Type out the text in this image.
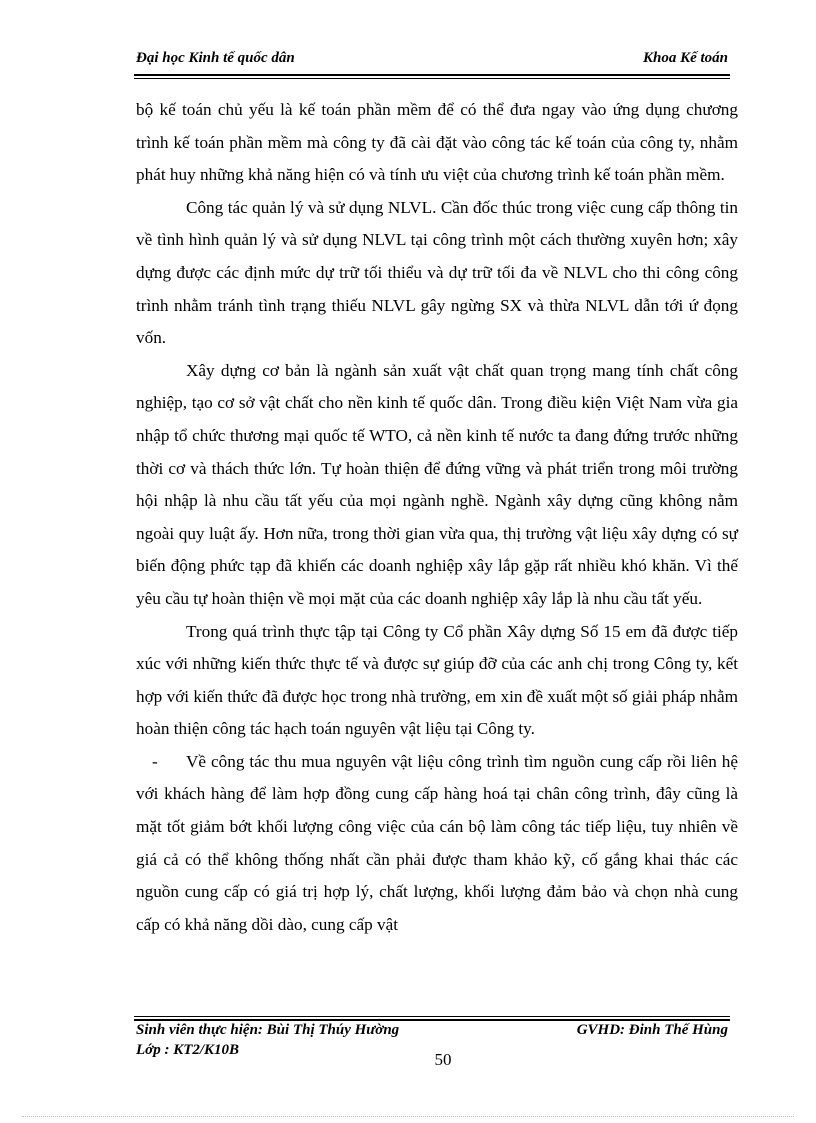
Đại học Kinh tế quốc dân	Khoa Kế toán

bộ kế toán chủ yếu là kế toán phần mềm để có thể đưa ngay vào ứng dụng chương trình kế toán phần mềm mà công ty đã cài đặt vào công tác kế toán của công ty, nhằm phát huy những khả năng hiện có và tính ưu việt của chương trình kế toán phần mềm.

Công tác quản lý và sử dụng NLVL. Cần đốc thúc trong việc cung cấp thông tin về tình hình quản lý và sử dụng NLVL tại công trình một cách thường xuyên hơn; xây dựng được các định mức dự trữ tối thiểu và dự trữ tối đa về NLVL cho thi công công trình nhằm tránh tình trạng thiếu NLVL gây ngừng SX và thừa NLVL dẫn tới ứ đọng vốn.

Xây dựng cơ bản là ngành sản xuất vật chất quan trọng mang tính chất công nghiệp, tạo cơ sở vật chất cho nền kinh tế quốc dân. Trong điều kiện Việt Nam vừa gia nhập tổ chức thương mại quốc tế WTO, cả nền kinh tế nước ta đang đứng trước những thời cơ và thách thức lớn. Tự hoàn thiện để đứng vững và phát triển trong môi trường hội nhập là nhu cầu tất yếu của mọi ngành nghề. Ngành xây dựng cũng không nằm ngoài quy luật ấy. Hơn nữa, trong thời gian vừa qua, thị trường vật liệu xây dựng có sự biến động phức tạp đã khiến các doanh nghiệp xây lắp gặp rất nhiều khó khăn. Vì thế yêu cầu tự hoàn thiện về mọi mặt của các doanh nghiệp xây lắp là nhu cầu tất yếu.

Trong quá trình thực tập tại Công ty Cổ phần Xây dựng Số 15 em đã được tiếp xúc với những kiến thức thực tế và được sự giúp đỡ của các anh chị trong Công ty, kết hợp với kiến thức đã được học trong nhà trường, em xin đề xuất một số giải pháp nhằm hoàn thiện công tác hạch toán nguyên vật liệu tại Công ty.

- Về công tác thu mua nguyên vật liệu công trình tìm nguồn cung cấp rồi liên hệ với khách hàng để làm hợp đồng cung cấp hàng hoá tại chân công trình, đây cũng là mặt tốt giảm bớt khối lượng công việc của cán bộ làm công tác tiếp liệu, tuy nhiên về giá cả có thể không thống nhất cần phải được tham khảo kỹ, cố gắng khai thác các nguồn cung cấp có giá trị hợp lý, chất lượng, khối lượng đảm bảo và chọn nhà cung cấp có khả năng dồi dào, cung cấp vật

Sinh viên thực hiện: Bùi Thị Thúy Hường	GVHD: Đinh Thế Hùng
Lớp : KT2/K10B	50
